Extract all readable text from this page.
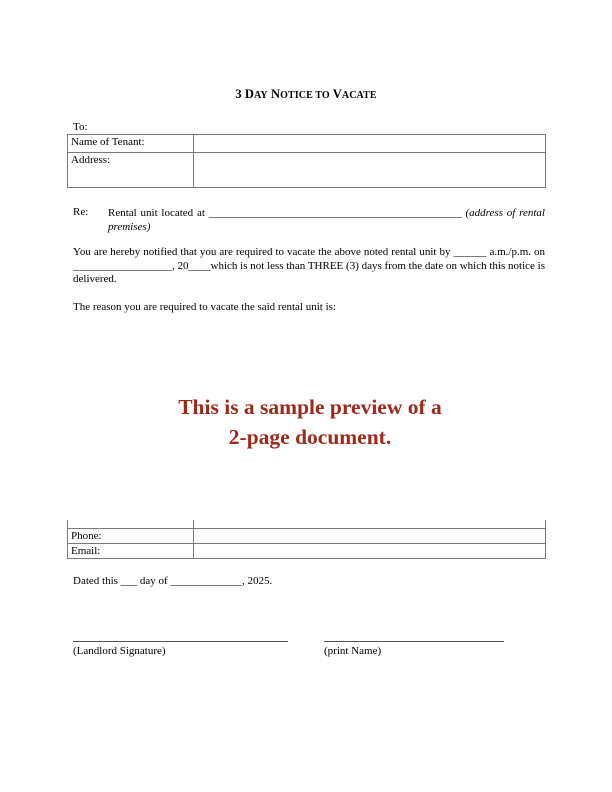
3 DAY NOTICE TO VACATE
To:
Name of Tenant:	
Address:	
Re: Rental unit located at ______________________________________________ (address of rental premises)
You are hereby notified that you are required to vacate the above noted rental unit by ______ a.m./p.m. on __________________, 20____which is not less than THREE (3) days from the date on which this notice is delivered.
The reason you are required to vacate the said rental unit is:
This is a sample preview of a
2-page document.

Phone:	
Email:	
Dated this ___ day of _____________, 2025.
(Landlord Signature)	(print Name)
